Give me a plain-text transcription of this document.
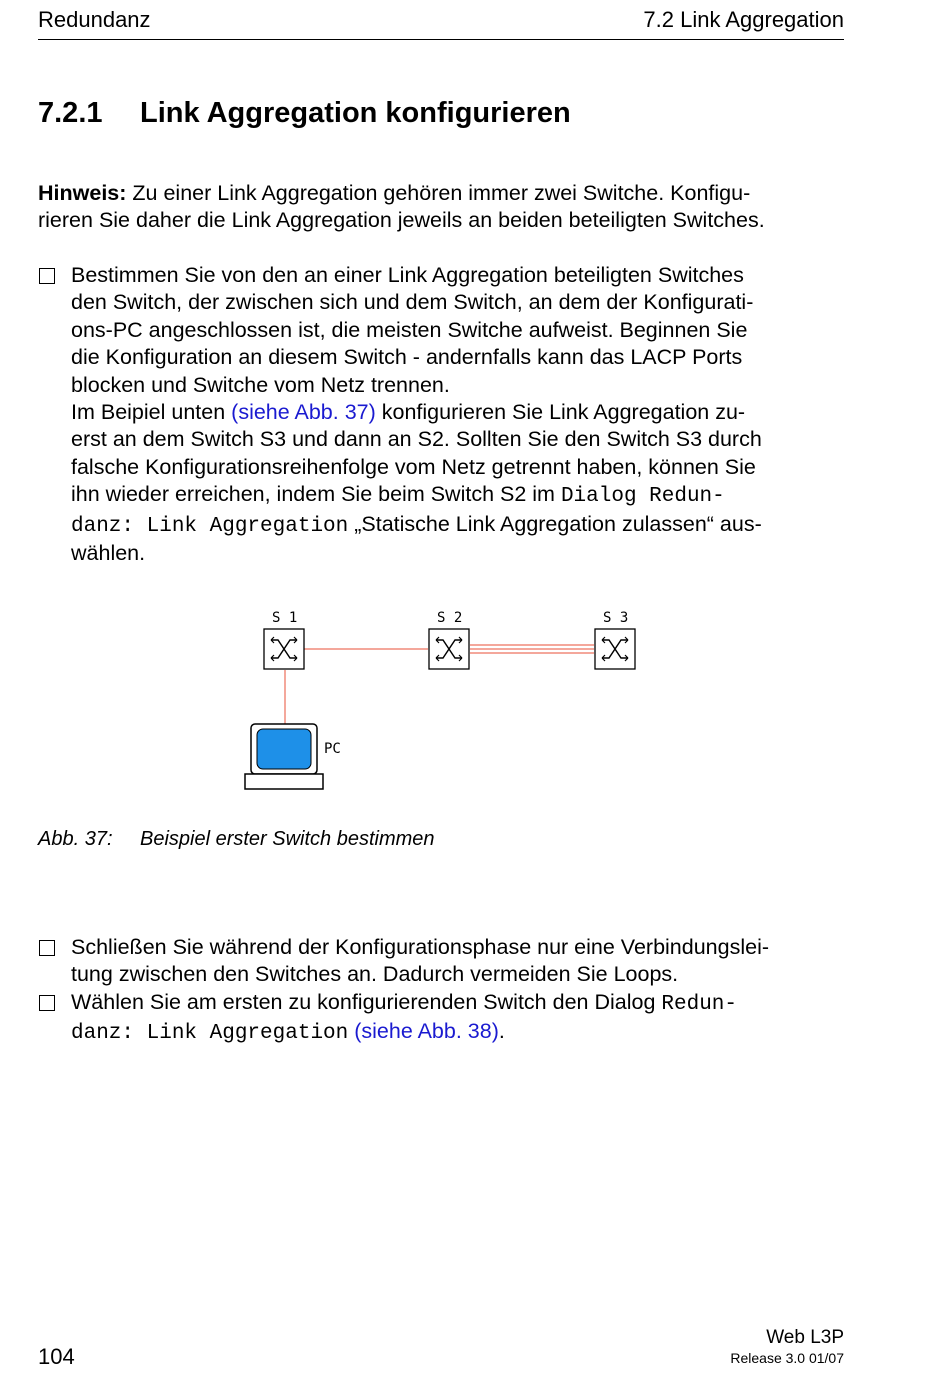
Redundanz	7.2 Link Aggregation
7.2.1 Link Aggregation konfigurieren
Hinweis: Zu einer Link Aggregation gehören immer zwei Switche. Konfigu-
rieren Sie daher die Link Aggregation jeweils an beiden beteiligten Switches.
Bestimmen Sie von den an einer Link Aggregation beteiligten Switches
den Switch, der zwischen sich und dem Switch, an dem der Konfigurati-
ons-PC angeschlossen ist, die meisten Switche aufweist. Beginnen Sie
die Konfiguration an diesem Switch - andernfalls kann das LACP Ports
blocken und Switche vom Netz trennen.
Im Beipiel unten (siehe Abb. 37) konfigurieren Sie Link Aggregation zu-
erst an dem Switch S3 und dann an S2. Sollten Sie den Switch S3 durch
falsche Konfigurationsreihenfolge vom Netz getrennt haben, können Sie
ihn wieder erreichen, indem Sie beim Switch S2 im Dialog Redun-
danz: Link Aggregation „Statische Link Aggregation zulassen“ aus-
wählen.
S 1	S 2	S 3
PC
Abb. 37: Beispiel erster Switch bestimmen
Schließen Sie während der Konfigurationsphase nur eine Verbindungslei-
tung zwischen den Switches an. Dadurch vermeiden Sie Loops.
Wählen Sie am ersten zu konfigurierenden Switch den Dialog Redun-
danz: Link Aggregation (siehe Abb. 38).
104
Web L3P
Release 3.0 01/07
